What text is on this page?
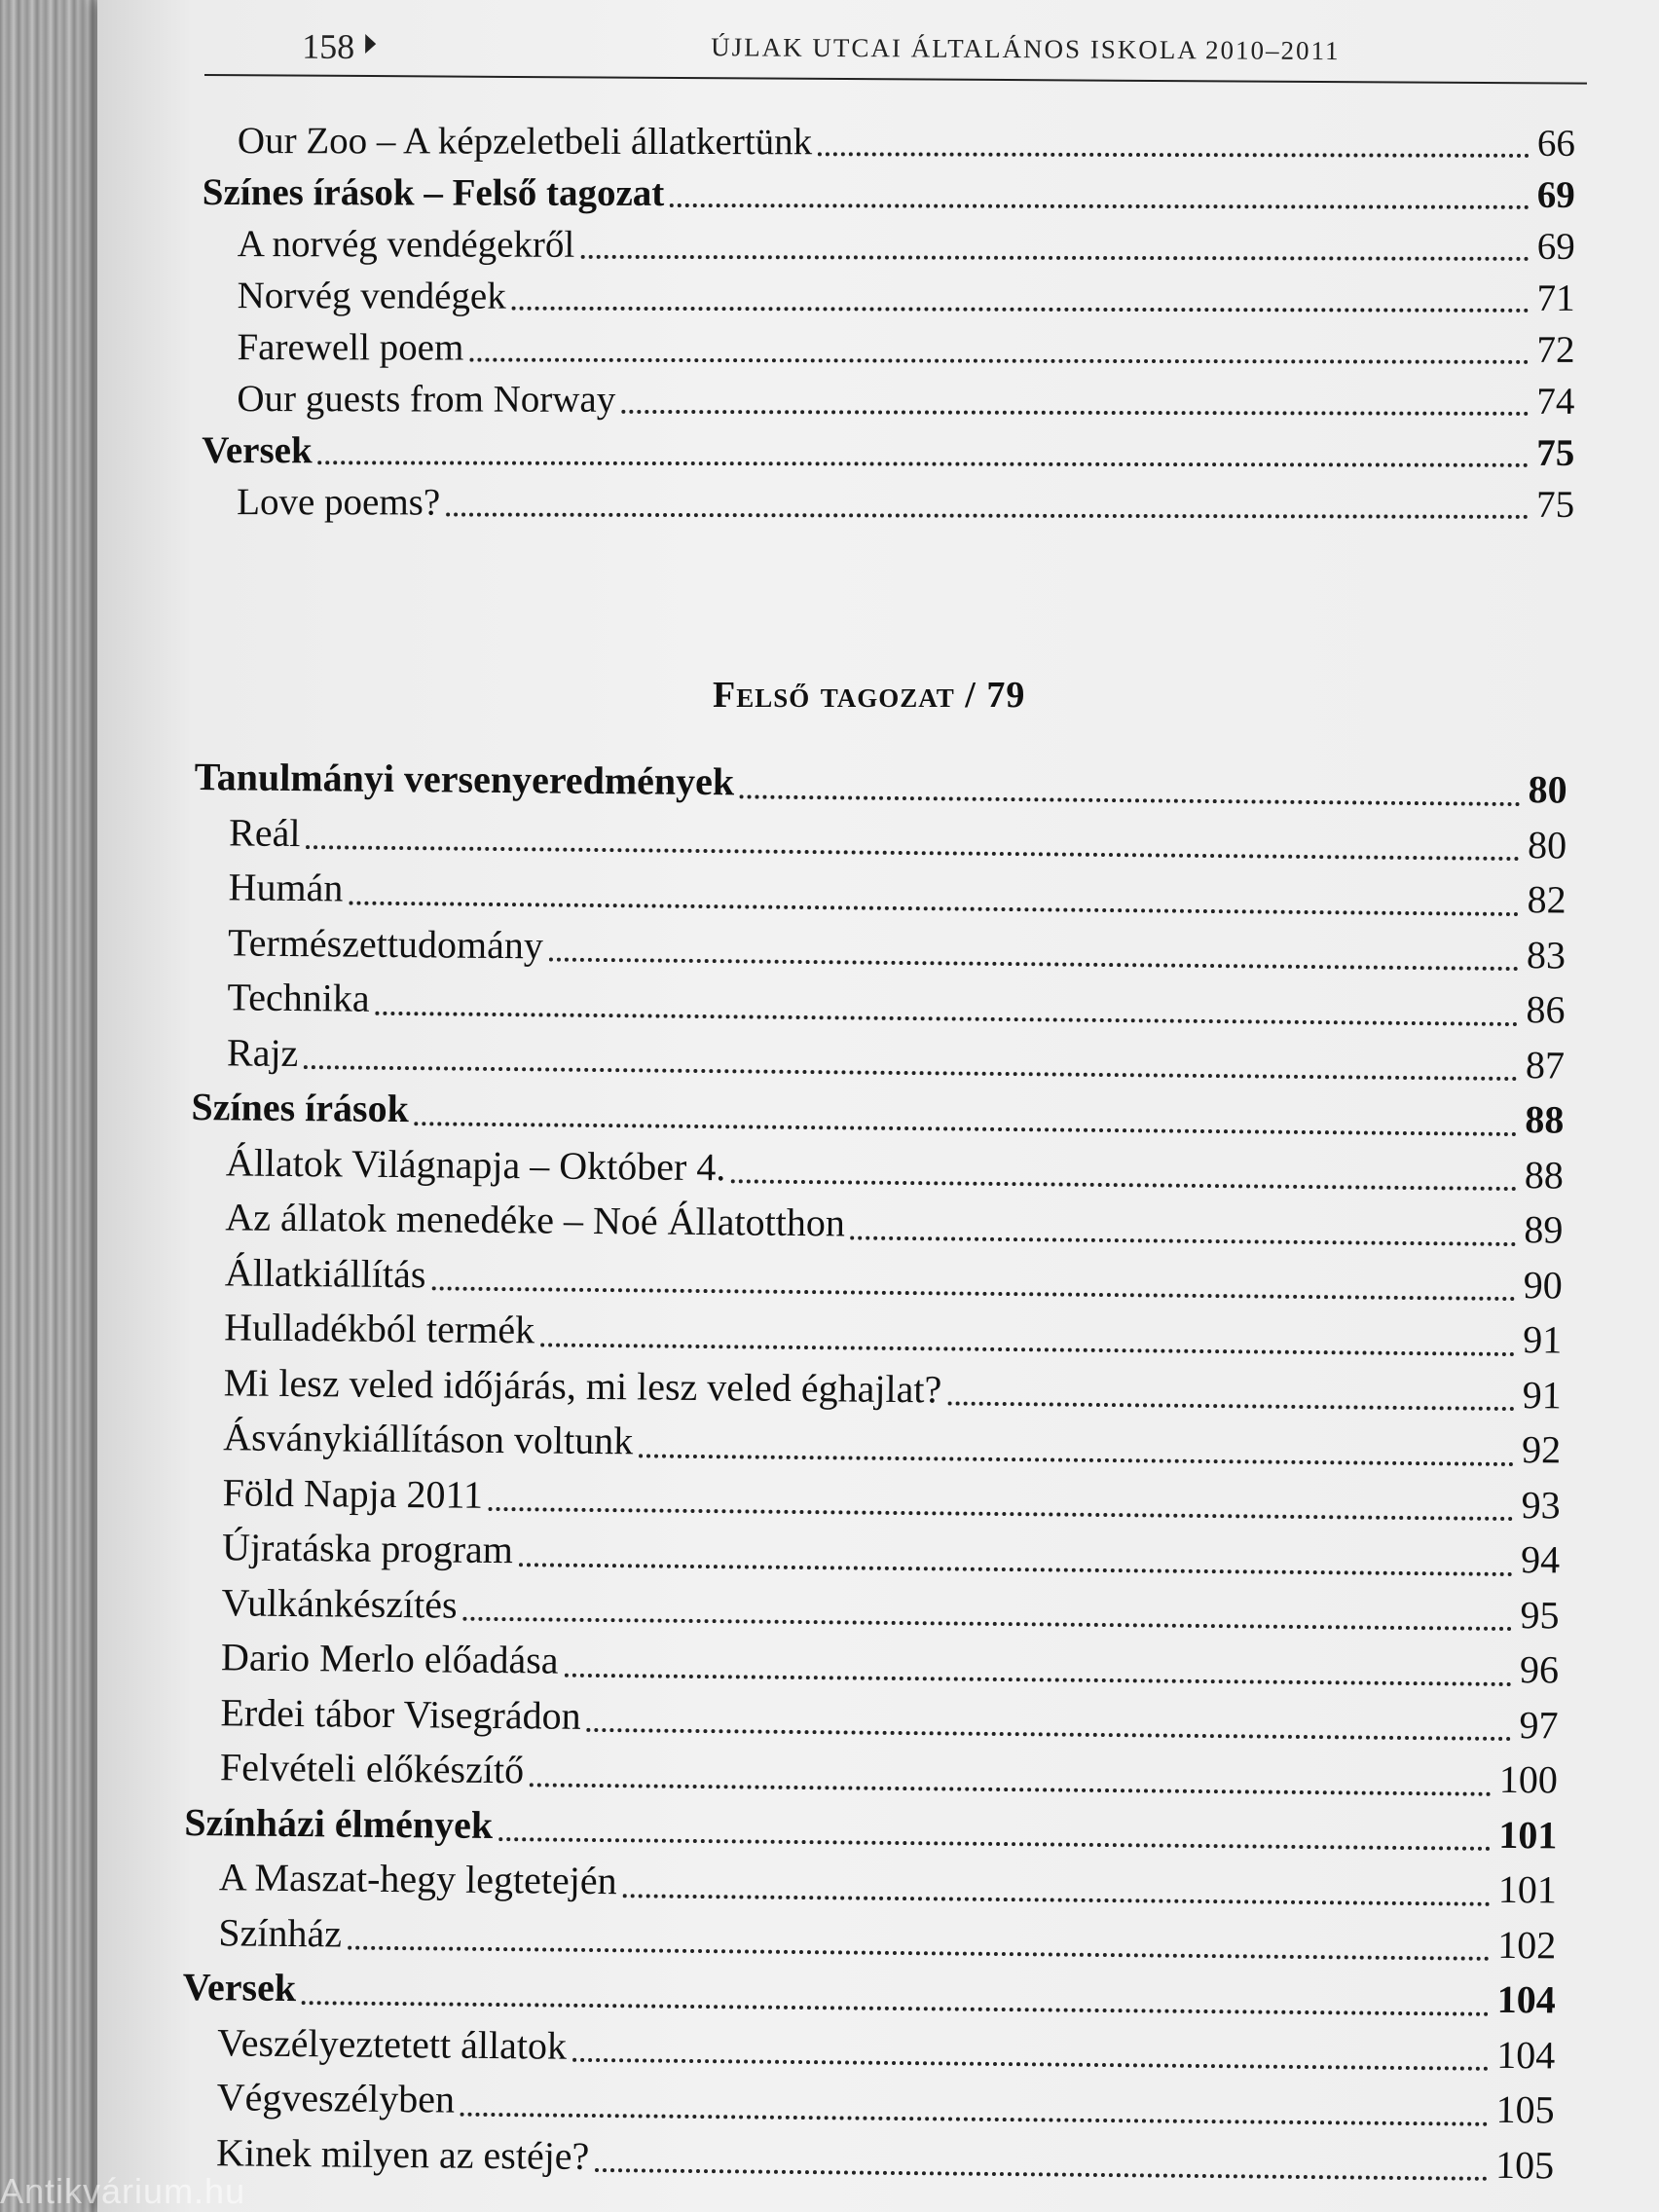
158	ÚJLAK UTCAI ÁLTALÁNOS ISKOLA 2010–2011
Our Zoo – A képzeletbeli állatkertünk	66
Színes írások – Felső tagozat	69
A norvég vendégekről	69
Norvég vendégek	71
Farewell poem	72
Our guests from Norway	74
Versek	75
Love poems?	75
Felső tagozat / 79
Tanulmányi versenyeredmények	80
Reál	80
Humán	82
Természettudomány	83
Technika	86
Rajz	87
Színes írások	88
Állatok Világnapja – Október 4.	88
Az állatok menedéke – Noé Állatotthon	89
Állatkiállítás	90
Hulladékból termék	91
Mi lesz veled időjárás, mi lesz veled éghajlat?	91
Ásványkiállításon voltunk	92
Föld Napja 2011	93
Újratáska program	94
Vulkánkészítés	95
Dario Merlo előadása	96
Erdei tábor Visegrádon	97
Felvételi előkészítő	100
Színházi élmények	101
A Maszat-hegy legtetején	101
Színház	102
Versek	104
Veszélyeztetett állatok	104
Végveszélyben	105
Kinek milyen az estéje?	105
Antikvárium.hu
